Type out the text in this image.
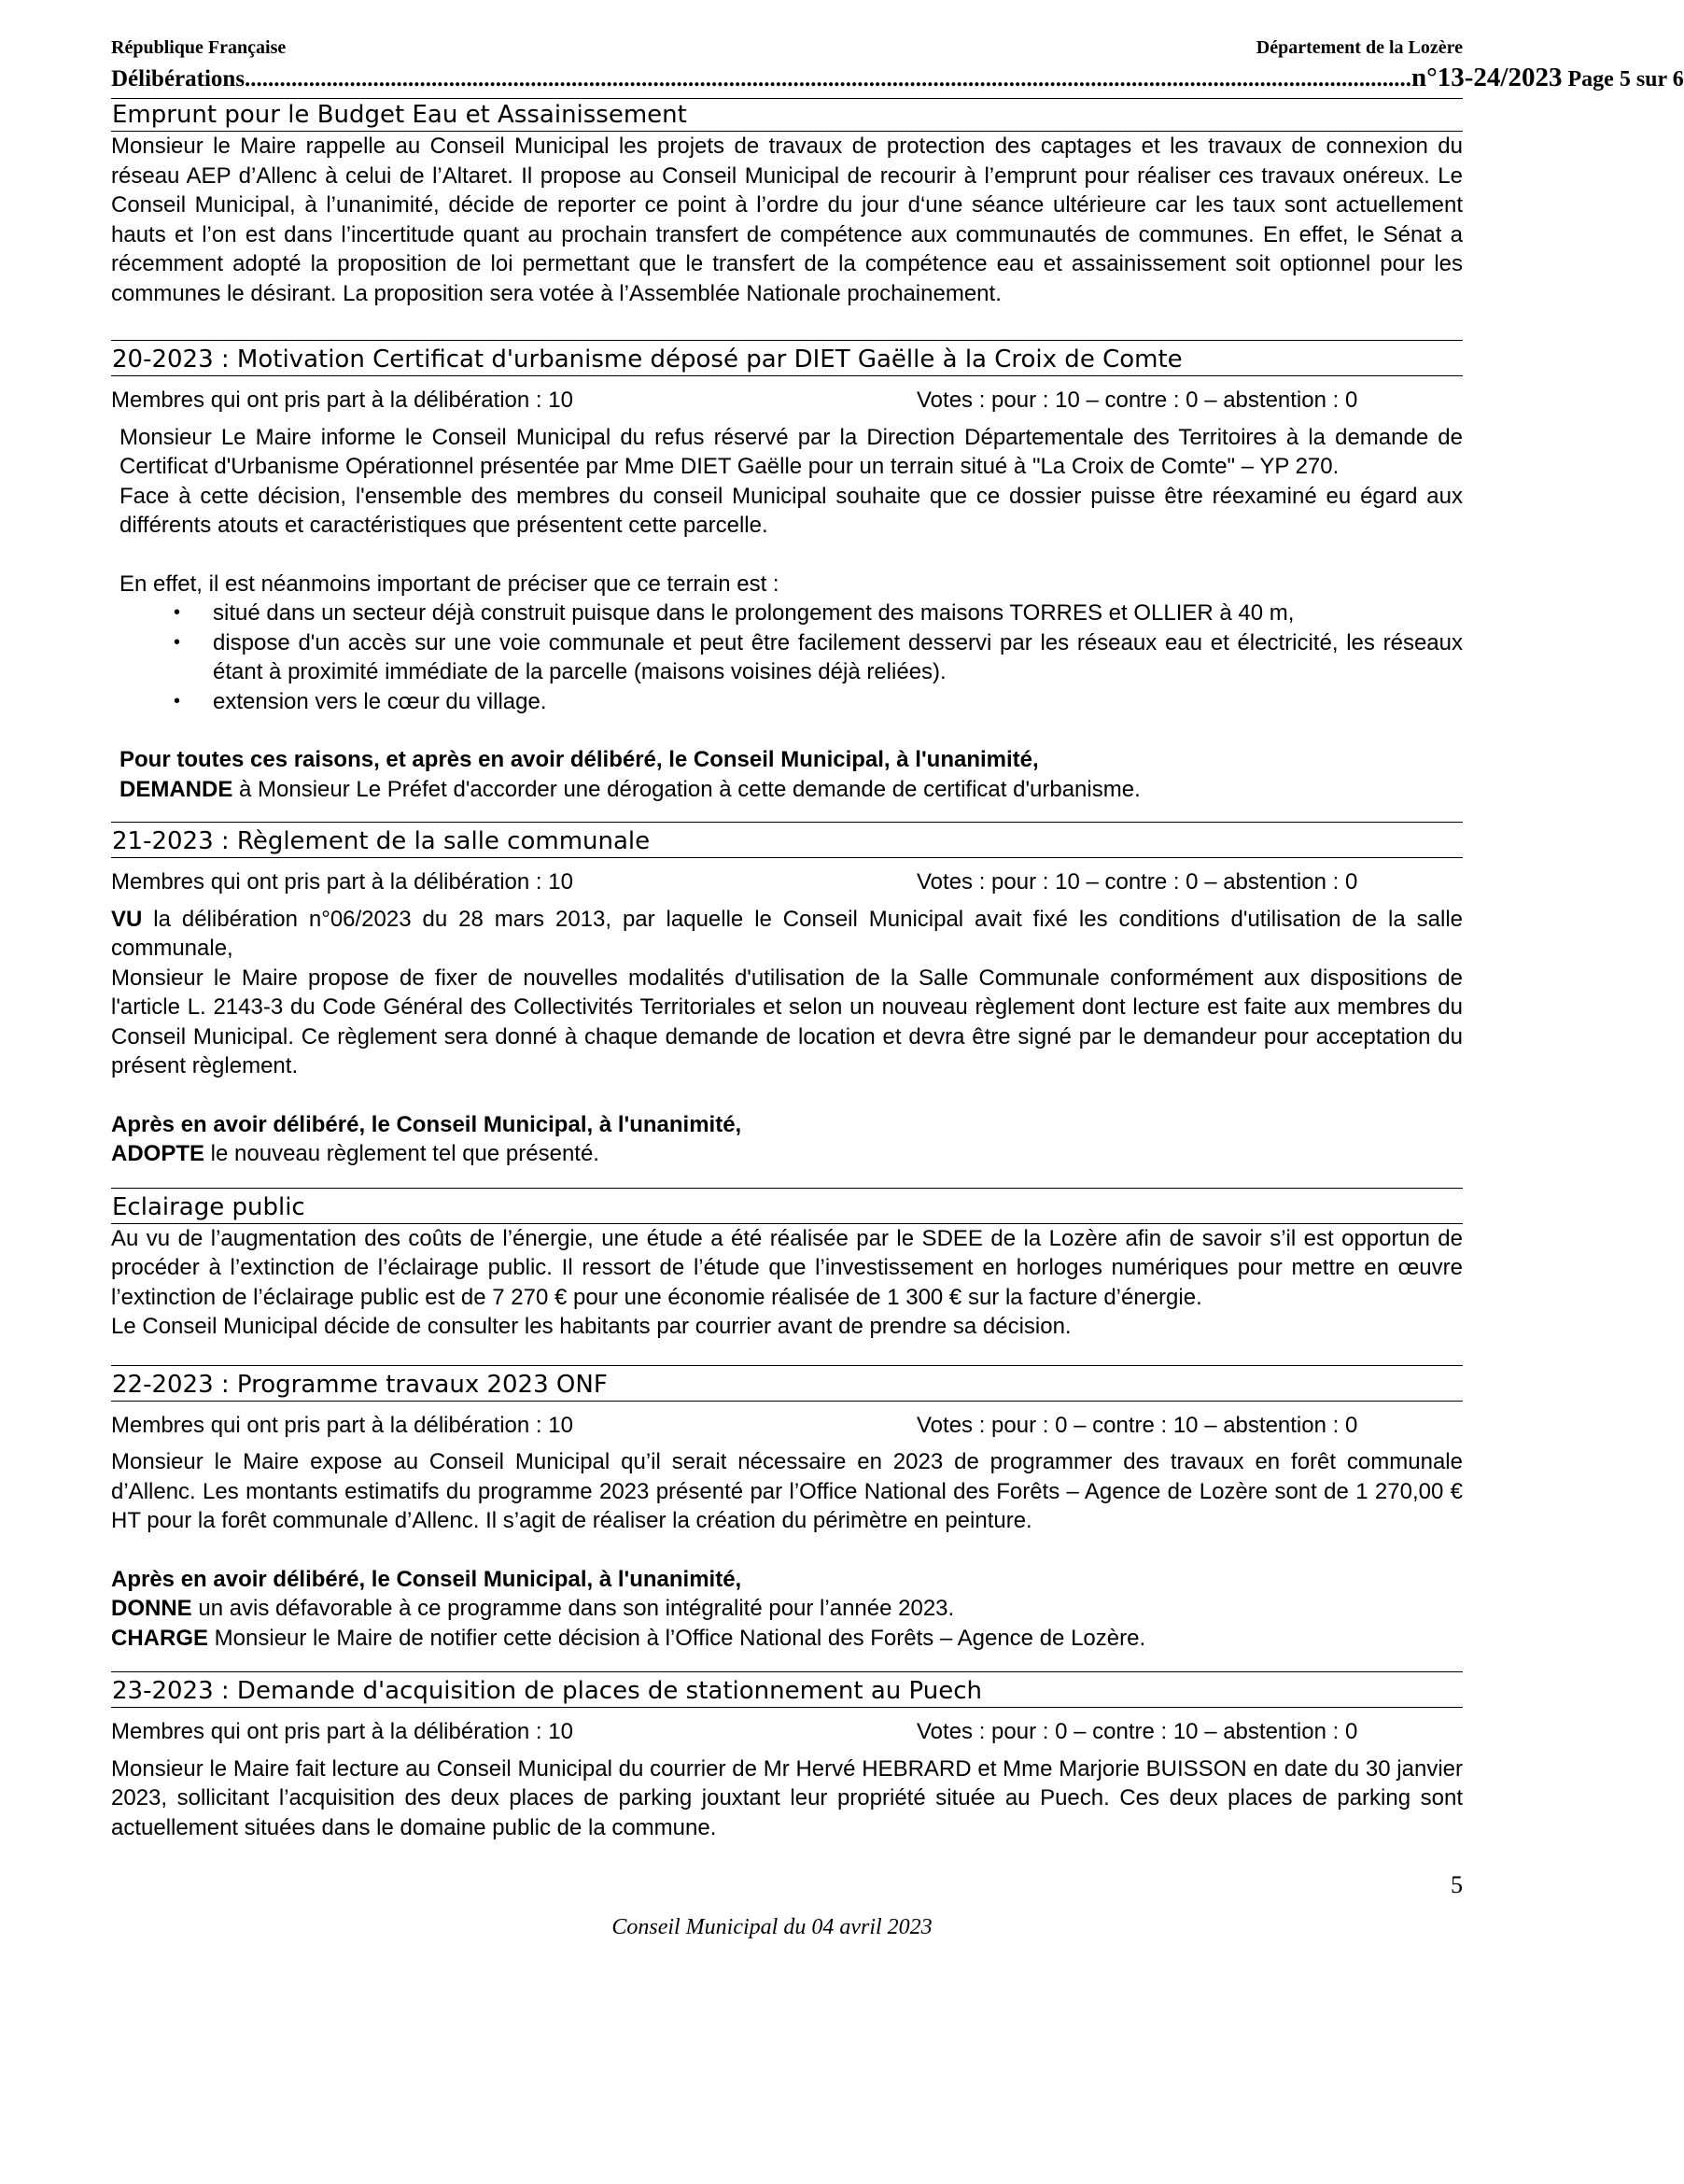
République Française	Département de la Lozère
Délibérations ........................................................................................................................................................................................................ n°13-24/2023 Page 5 sur 6
Emprunt pour le Budget Eau et Assainissement

Monsieur le Maire rappelle au Conseil Municipal les projets de travaux de protection des captages et les travaux de connexion du réseau AEP d’Allenc à celui de l’Altaret. Il propose au Conseil Municipal de recourir à l’emprunt pour réaliser ces travaux onéreux. Le Conseil Municipal, à l’unanimité, décide de reporter ce point à l’ordre du jour d‘une séance ultérieure car les taux sont actuellement hauts et l’on est dans l’incertitude quant au prochain transfert de compétence aux communautés de communes. En effet, le Sénat a récemment adopté la proposition de loi permettant que le transfert de la compétence eau et assainissement soit optionnel pour les communes le désirant. La proposition sera votée à l’Assemblée Nationale prochainement.

20-2023 : Motivation Certificat d'urbanisme déposé par DIET Gaëlle à la Croix de Comte
Membres qui ont pris part à la délibération : 10	Votes : pour : 10 – contre : 0 – abstention : 0

Monsieur Le Maire informe le Conseil Municipal du refus réservé par la Direction Départementale des Territoires à la demande de Certificat d'Urbanisme Opérationnel présentée par Mme DIET Gaëlle pour un terrain situé à "La Croix de Comte" – YP 270.

Face à cette décision, l'ensemble des membres du conseil Municipal souhaite que ce dossier puisse être réexaminé eu égard aux différents atouts et caractéristiques que présentent cette parcelle.

En effet, il est néanmoins important de préciser que ce terrain est :

• situé dans un secteur déjà construit puisque dans le prolongement des maisons TORRES et OLLIER à 40 m,
• dispose d'un accès sur une voie communale et peut être facilement desservi par les réseaux eau et électricité, les réseaux étant à proximité immédiate de la parcelle (maisons voisines déjà reliées).
• extension vers le cœur du village.

Pour toutes ces raisons, et après en avoir délibéré, le Conseil Municipal, à l'unanimité,

DEMANDE à Monsieur Le Préfet d'accorder une dérogation à cette demande de certificat d'urbanisme.

21-2023 : Règlement de la salle communale
Membres qui ont pris part à la délibération : 10	Votes : pour : 10 – contre : 0 – abstention : 0

VU la délibération n°06/2023 du 28 mars 2013, par laquelle le Conseil Municipal avait fixé les conditions d'utilisation de la salle communale,

Monsieur le Maire propose de fixer de nouvelles modalités d'utilisation de la Salle Communale conformément aux dispositions de l'article L. 2143-3 du Code Général des Collectivités Territoriales et selon un nouveau règlement dont lecture est faite aux membres du Conseil Municipal. Ce règlement sera donné à chaque demande de location et devra être signé par le demandeur pour acceptation du présent règlement.

Après en avoir délibéré, le Conseil Municipal, à l'unanimité,

ADOPTE le nouveau règlement tel que présenté.

Eclairage public

Au vu de l’augmentation des coûts de l’énergie, une étude a été réalisée par le SDEE de la Lozère afin de savoir s’il est opportun de procéder à l’extinction de l’éclairage public. Il ressort de l’étude que l’investissement en horloges numériques pour mettre en œuvre l’extinction de l’éclairage public est de 7 270 € pour une économie réalisée de 1 300 € sur la facture d’énergie.

Le Conseil Municipal décide de consulter les habitants par courrier avant de prendre sa décision.

22-2023 : Programme travaux 2023 ONF
Membres qui ont pris part à la délibération : 10	Votes : pour : 0 – contre : 10 – abstention : 0

Monsieur le Maire expose au Conseil Municipal qu’il serait nécessaire en 2023 de programmer des travaux en forêt communale d’Allenc. Les montants estimatifs du programme 2023 présenté par l’Office National des Forêts – Agence de Lozère sont de 1 270,00 € HT pour la forêt communale d’Allenc. Il s’agit de réaliser la création du périmètre en peinture.

Après en avoir délibéré, le Conseil Municipal, à l'unanimité,

DONNE un avis défavorable à ce programme dans son intégralité pour l’année 2023.

CHARGE Monsieur le Maire de notifier cette décision à l’Office National des Forêts – Agence de Lozère.

23-2023 : Demande d'acquisition de places de stationnement au Puech
Membres qui ont pris part à la délibération : 10	Votes : pour : 0 – contre : 10 – abstention : 0

Monsieur le Maire fait lecture au Conseil Municipal du courrier de Mr Hervé HEBRARD et Mme Marjorie BUISSON en date du 30 janvier 2023, sollicitant l’acquisition des deux places de parking jouxtant leur propriété située au Puech. Ces deux places de parking sont actuellement situées dans le domaine public de la commune.

5
Conseil Municipal du 04 avril 2023
